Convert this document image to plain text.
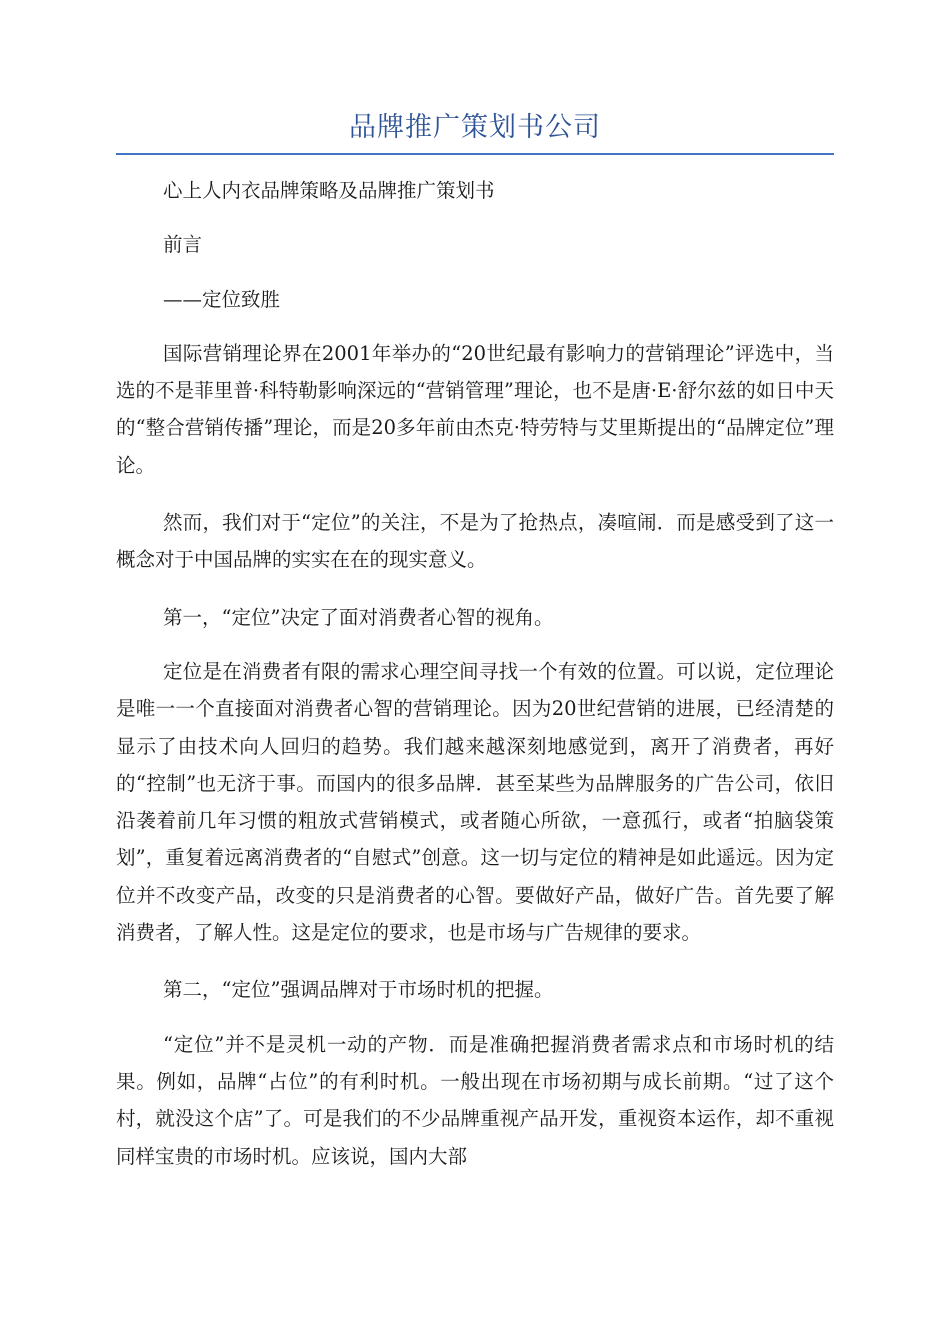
品牌推广策划书公司

心上人内衣品牌策略及品牌推广策划书

前言

——定位致胜

国际营销理论界在2001年举办的“20世纪最有影响力的营销理论”评选中，当选的不是菲里普·科特勒影响深远的“营销管理”理论，也不是唐·E·舒尔兹的如日中天的“整合营销传播”理论，而是20多年前由杰克·特劳特与艾里斯提出的“品牌定位”理论。

然而，我们对于“定位”的关注，不是为了抢热点，凑喧闹．而是感受到了这一概念对于中国品牌的实实在在的现实意义。

第一，“定位”决定了面对消费者心智的视角。

定位是在消费者有限的需求心理空间寻找一个有效的位置。可以说，定位理论是唯一一个直接面对消费者心智的营销理论。因为20世纪营销的进展，已经清楚的显示了由技术向人回归的趋势。我们越来越深刻地感觉到，离开了消费者，再好的“控制”也无济于事。而国内的很多品牌．甚至某些为品牌服务的广告公司，依旧沿袭着前几年习惯的粗放式营销模式，或者随心所欲，一意孤行，或者“拍脑袋策划”，重复着远离消费者的“自慰式”创意。这一切与定位的精神是如此遥远。因为定位并不改变产品，改变的只是消费者的心智。要做好产品，做好广告。首先要了解消费者，了解人性。这是定位的要求，也是市场与广告规律的要求。

第二，“定位”强调品牌对于市场时机的把握。

“定位”并不是灵机一动的产物．而是准确把握消费者需求点和市场时机的结果。例如，品牌“占位”的有利时机。一般出现在市场初期与成长前期。“过了这个村，就没这个店”了。可是我们的不少品牌重视产品开发，重视资本运作，却不重视同样宝贵的市场时机。应该说，国内大部
